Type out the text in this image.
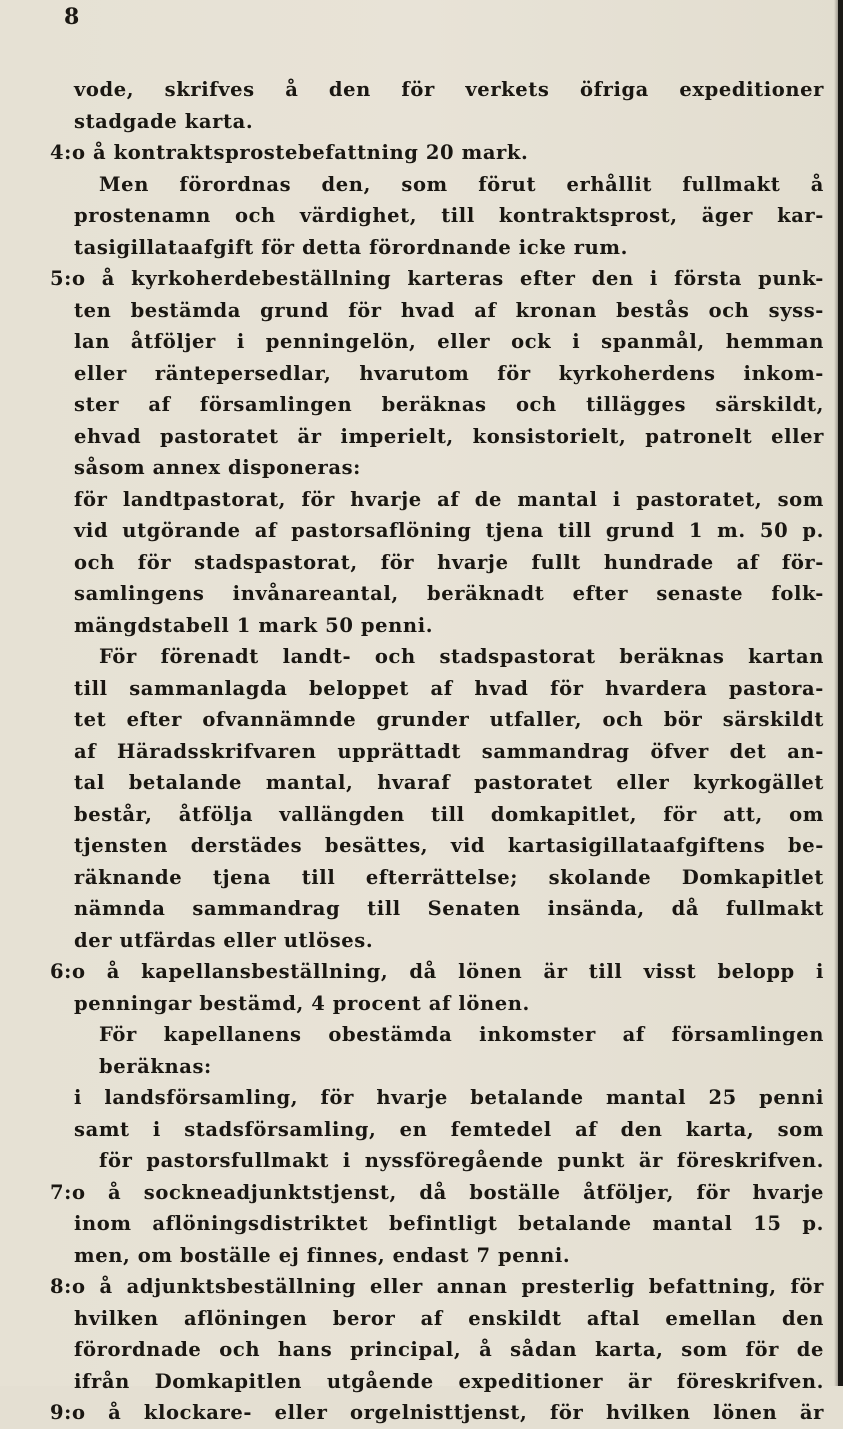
8
vode, skrifves å den för verkets öfriga expeditioner
stadgade karta.
4:o å kontraktsprostebefattning 20 mark.
Men förordnas den, som förut erhållit fullmakt å
prostenamn och värdighet, till kontraktsprost, äger kar-
tasigillataafgift för detta förordnande icke rum.
5:o å kyrkoherdebeställning karteras efter den i första punk-
ten bestämda grund för hvad af kronan bestås och syss-
lan åtföljer i penningelön, eller ock i spanmål, hemman
eller räntepersedlar, hvarutom för kyrkoherdens inkom-
ster af församlingen beräknas och tillägges särskildt,
ehvad pastoratet är imperielt, konsistorielt, patronelt eller
såsom annex disponeras:
för landtpastorat, för hvarje af de mantal i pastoratet, som
vid utgörande af pastorsaflöning tjena till grund 1 m. 50 p.
och för stadspastorat, för hvarje fullt hundrade af för-
samlingens invånareantal, beräknadt efter senaste folk-
mängdstabell 1 mark 50 penni.
För förenadt landt- och stadspastorat beräknas kartan
till sammanlagda beloppet af hvad för hvardera pastora-
tet efter ofvannämnde grunder utfaller, och bör särskildt
af Häradsskrifvaren upprättadt sammandrag öfver det an-
tal betalande mantal, hvaraf pastoratet eller kyrkogället
består, åtfölja vallängden till domkapitlet, för att, om
tjensten derstädes besättes, vid kartasigillataafgiftens be-
räknande tjena till efterrättelse; skolande Domkapitlet
nämnda sammandrag till Senaten insända, då fullmakt
der utfärdas eller utlöses.
6:o å kapellansbeställning, då lönen är till visst belopp i
penningar bestämd, 4 procent af lönen.
För kapellanens obestämda inkomster af församlingen
beräknas:
i landsförsamling, för hvarje betalande mantal 25 penni
samt i stadsförsamling, en femtedel af den karta, som
för pastorsfullmakt i nyssföregående punkt är föreskrifven.
7:o å sockneadjunktstjenst, då boställe åtföljer, för hvarje
inom aflöningsdistriktet befintligt betalande mantal 15 p.
men, om boställe ej finnes, endast 7 penni.
8:o å adjunktsbeställning eller annan presterlig befattning, för
hvilken aflöningen beror af enskildt aftal emellan den
förordnade och hans principal, å sådan karta, som för de
ifrån Domkapitlen utgående expeditioner är föreskrifven.
9:o å klockare- eller orgelnisttjenst, för hvilken lönen är
